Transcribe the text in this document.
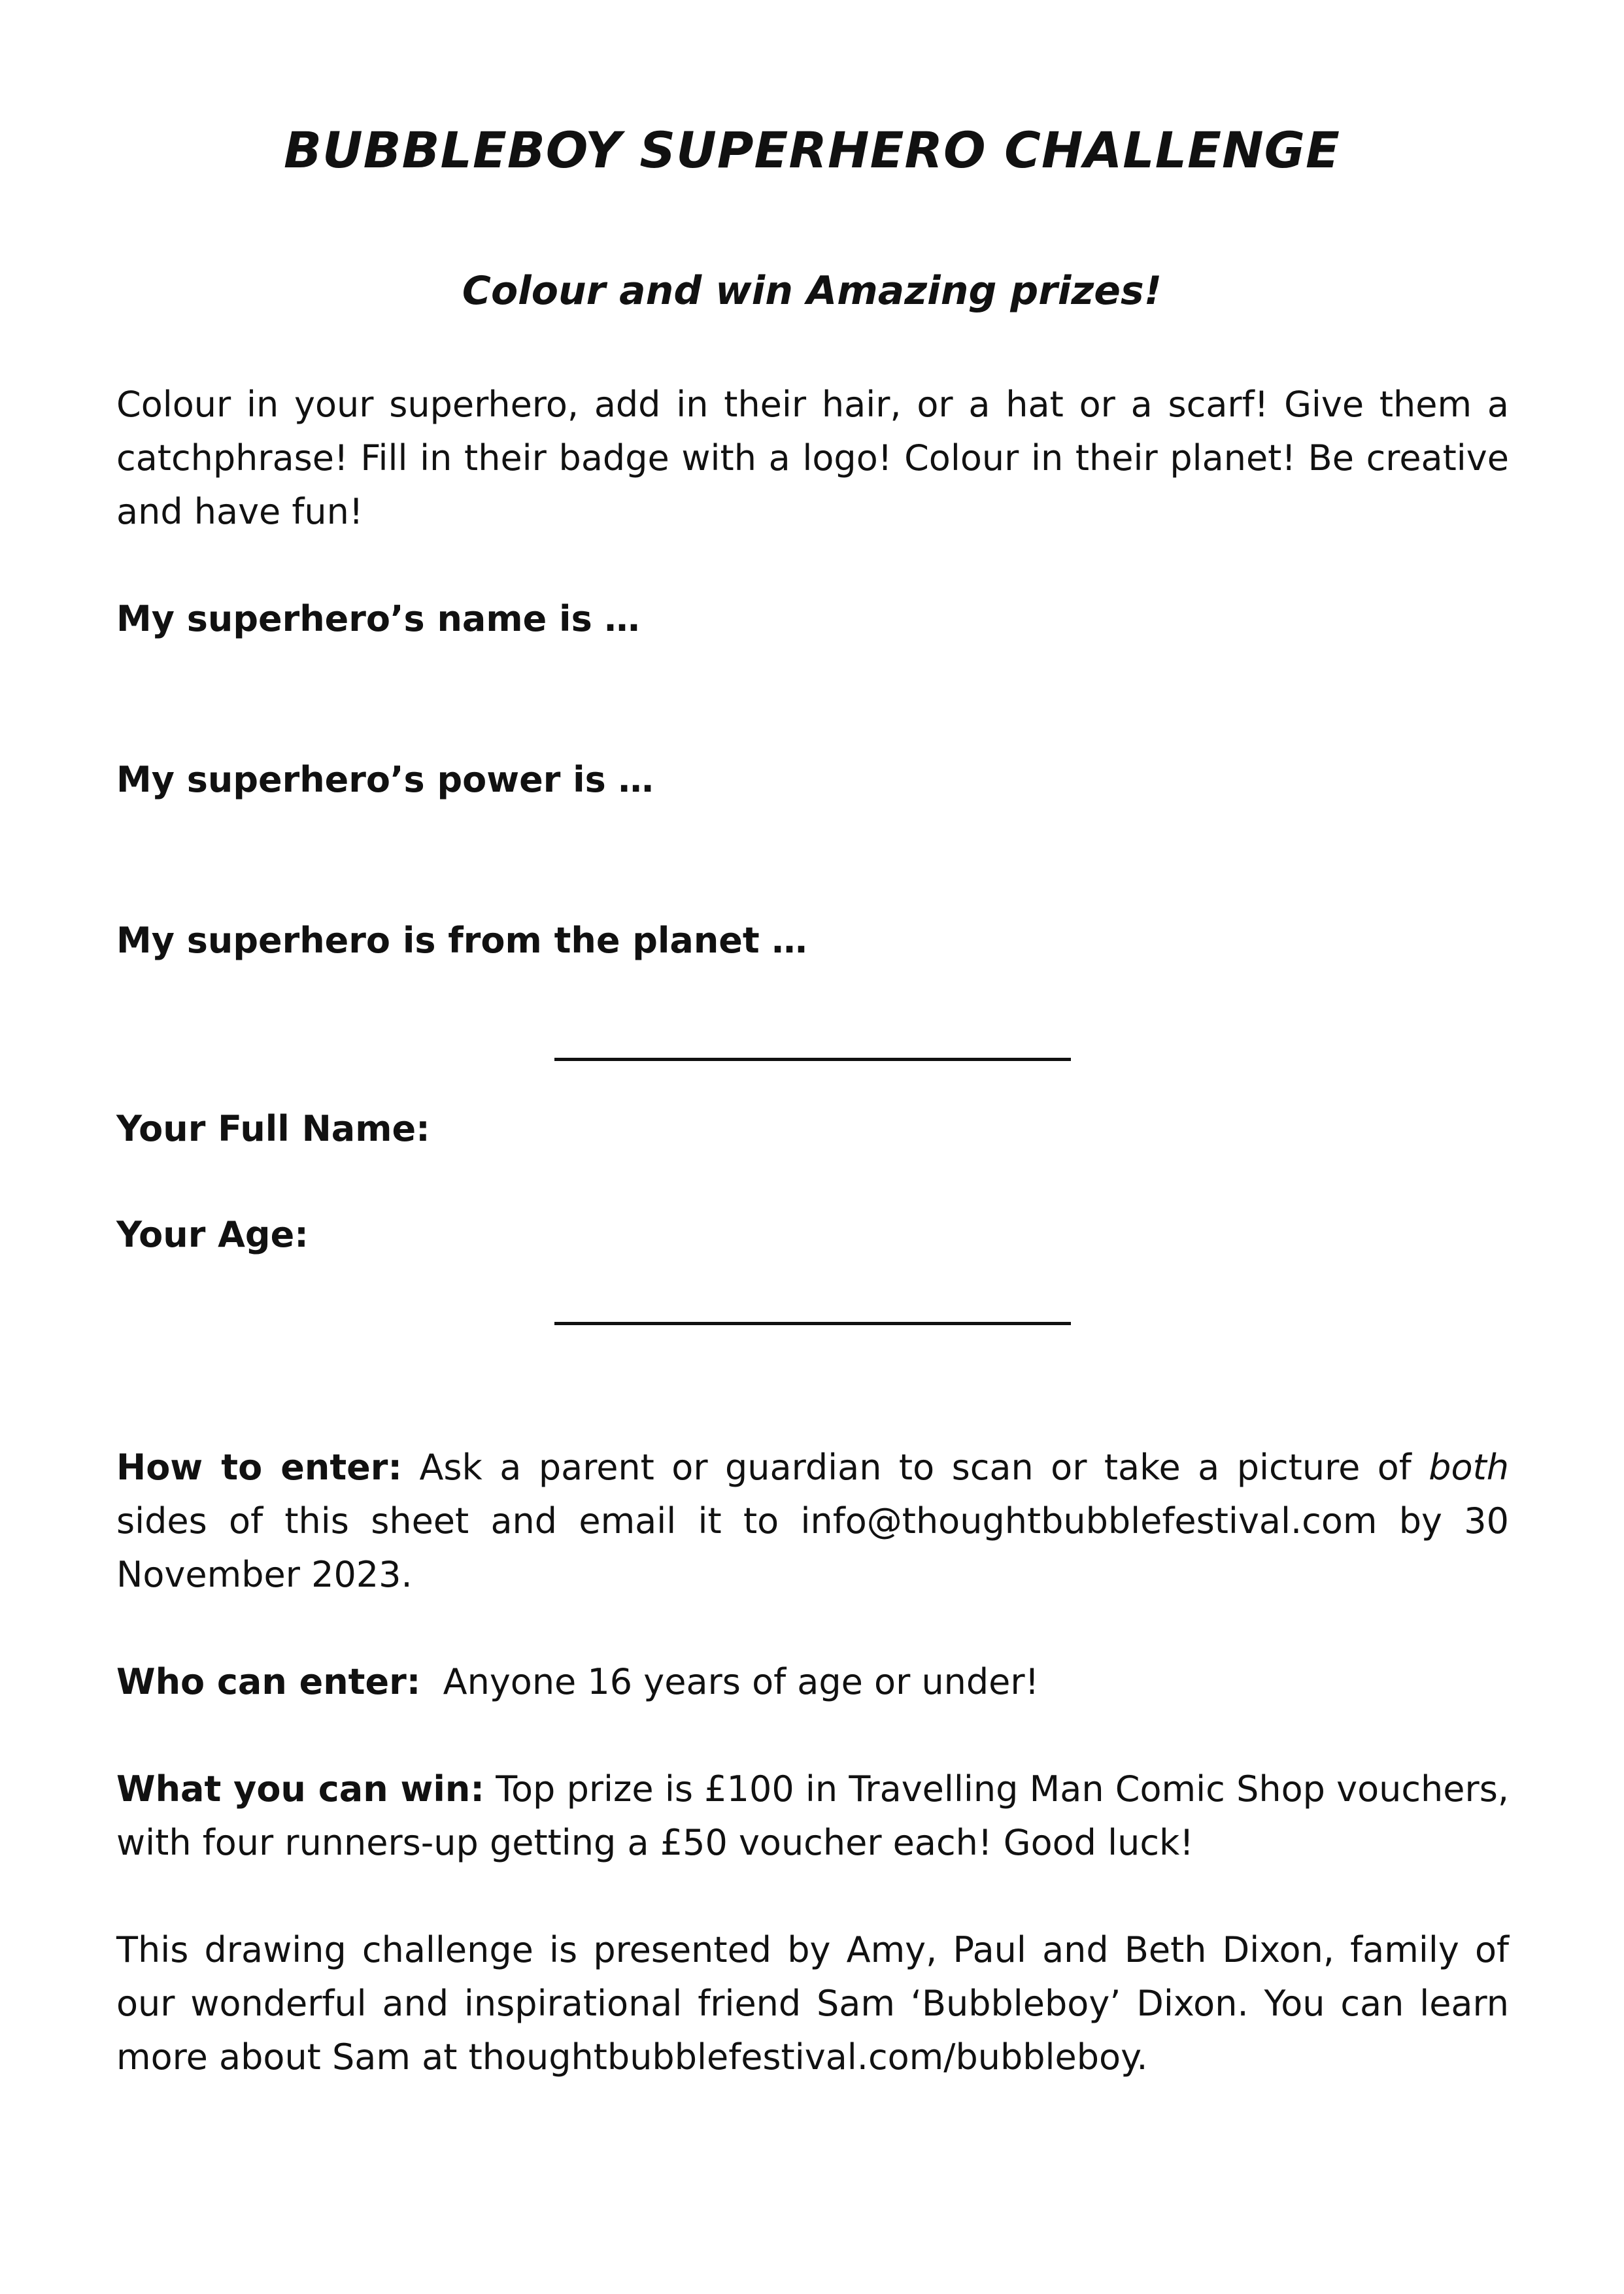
BUBBLEBOY SUPERHERO CHALLENGE
Colour and win Amazing prizes!

Colour in your superhero, add in their hair, or a hat or a scarf! Give them a catchphrase! Fill in their badge with a logo! Colour in their planet! Be creative and have fun!

My superhero’s name is …

My superhero’s power is …

My superhero is from the planet …

Your Full Name:

Your Age:

How to enter: Ask a parent or guardian to scan or take a picture of both sides of this sheet and email it to info@thoughtbubblefestival.com by 30 November 2023.

Who can enter:  Anyone 16 years of age or under!

What you can win: Top prize is £100 in Travelling Man Comic Shop vouchers, with four runners-up getting a £50 voucher each! Good luck!

This drawing challenge is presented by Amy, Paul and Beth Dixon, family of our wonderful and inspirational friend Sam ‘Bubbleboy’ Dixon. You can learn more about Sam at thoughtbubblefestival.com/bubbleboy.
